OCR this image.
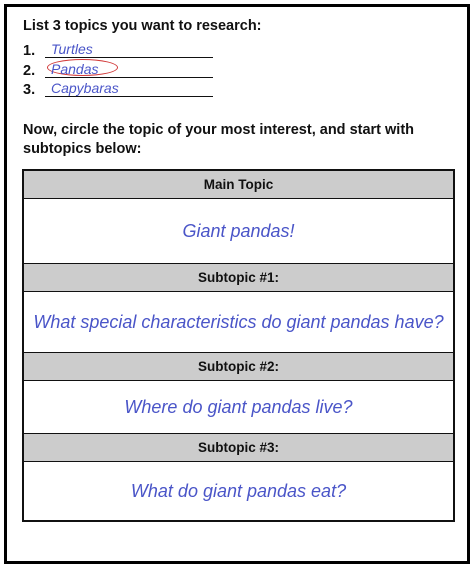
List 3 topics you want to research:
1. Turtles
2. Pandas
3. Capybaras
Now, circle the topic of your most interest, and start with subtopics below:
Main Topic
Giant pandas!
Subtopic #1:
What special characteristics do giant pandas have?
Subtopic #2:
Where do giant pandas live?
Subtopic #3:
What do giant pandas eat?
